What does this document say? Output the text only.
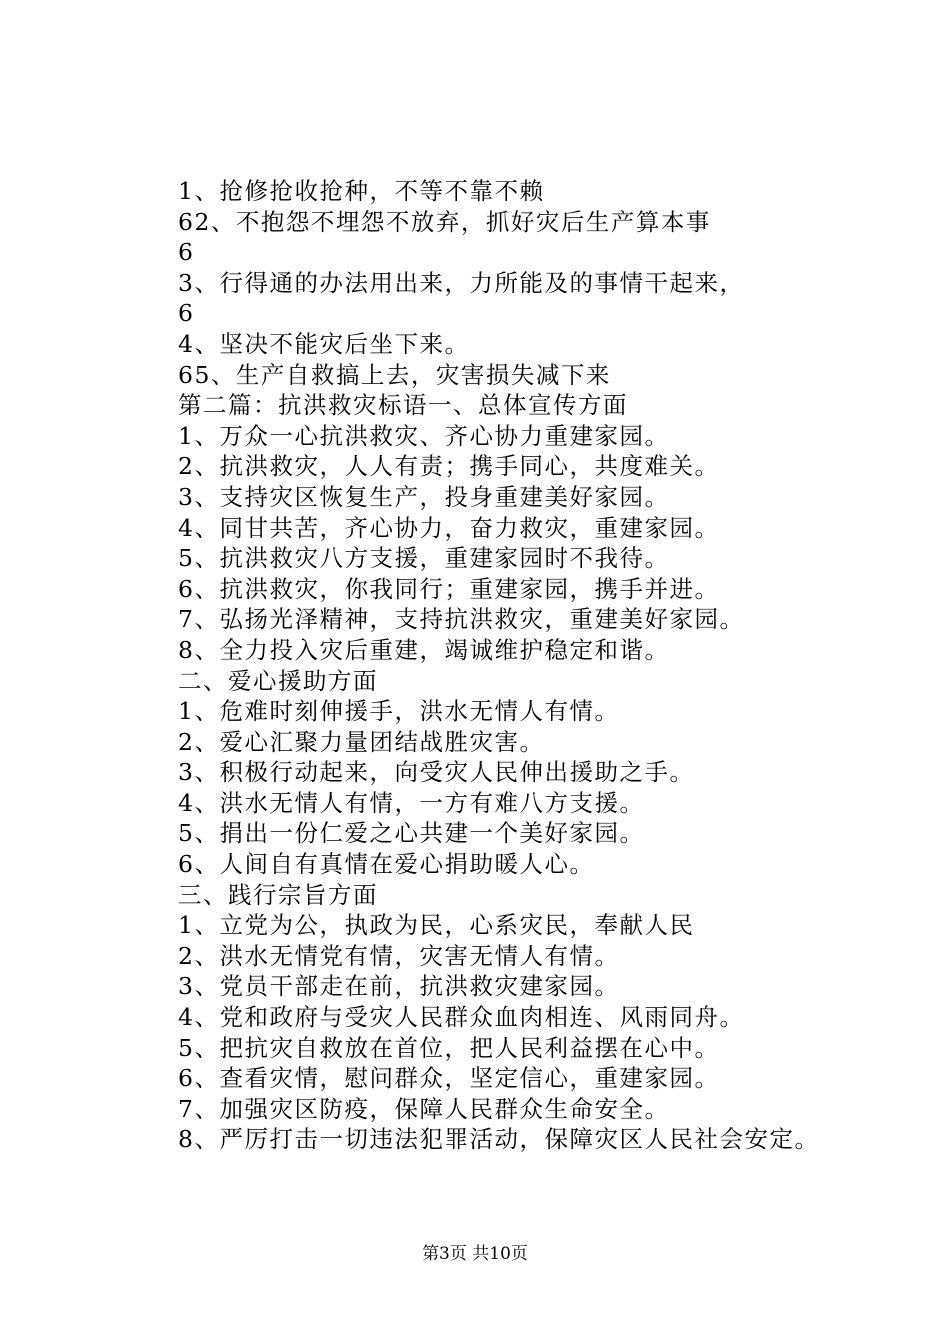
1、抢修抢收抢种，不等不靠不赖
62、不抱怨不埋怨不放弃，抓好灾后生产算本事
6
3、行得通的办法用出来，力所能及的事情干起来，
6
4、坚决不能灾后坐下来。
65、生产自救搞上去，灾害损失减下来
第二篇：抗洪救灾标语一、总体宣传方面
1、万众一心抗洪救灾、齐心协力重建家园。
2、抗洪救灾，人人有责；携手同心，共度难关。
3、支持灾区恢复生产，投身重建美好家园。
4、同甘共苦，齐心协力，奋力救灾，重建家园。
5、抗洪救灾八方支援，重建家园时不我待。
6、抗洪救灾，你我同行；重建家园，携手并进。
7、弘扬光泽精神，支持抗洪救灾，重建美好家园。
8、全力投入灾后重建，竭诚维护稳定和谐。
二、爱心援助方面
1、危难时刻伸援手，洪水无情人有情。
2、爱心汇聚力量团结战胜灾害。
3、积极行动起来，向受灾人民伸出援助之手。
4、洪水无情人有情，一方有难八方支援。
5、捐出一份仁爱之心共建一个美好家园。
6、人间自有真情在爱心捐助暖人心。
三、践行宗旨方面
1、立党为公，执政为民，心系灾民，奉献人民
2、洪水无情党有情，灾害无情人有情。
3、党员干部走在前，抗洪救灾建家园。
4、党和政府与受灾人民群众血肉相连、风雨同舟。
5、把抗灾自救放在首位，把人民利益摆在心中。
6、查看灾情，慰问群众，坚定信心，重建家园。
7、加强灾区防疫，保障人民群众生命安全。
8、严厉打击一切违法犯罪活动，保障灾区人民社会安定。
第3页 共10页
